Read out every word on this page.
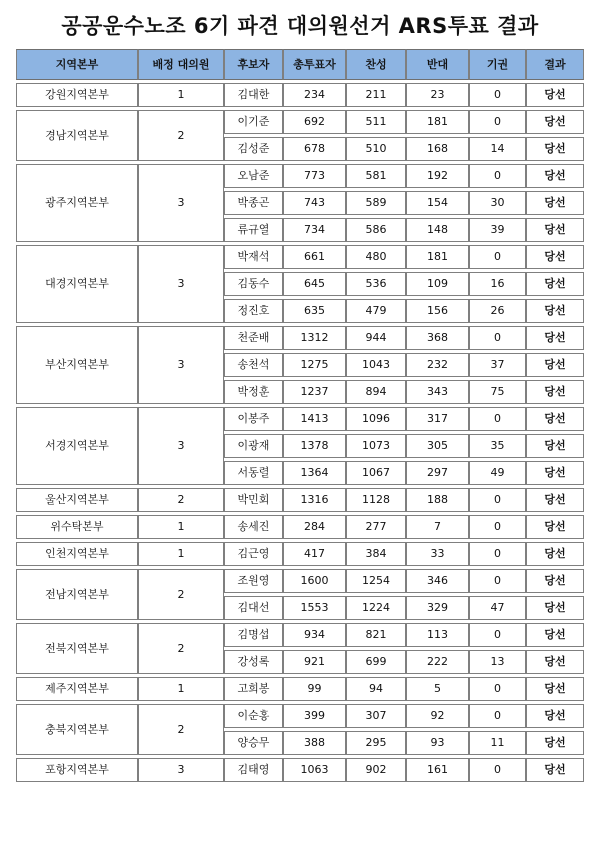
공공운수노조 6기 파견 대의원선거 ARS투표 결과
지역본부	배정 대의원	후보자	총투표자	찬성	반대	기권	결과
강원지역본부	1	김대한	234	211	23	0	당선
경남지역본부	2	이기준	692	511	181	0	당선
		김성준	678	510	168	14	당선
광주지역본부	3	오남준	773	581	192	0	당선
		박종곤	743	589	154	30	당선
		류규열	734	586	148	39	당선
대경지역본부	3	박재석	661	480	181	0	당선
		김동수	645	536	109	16	당선
		정진호	635	479	156	26	당선
부산지역본부	3	천준배	1312	944	368	0	당선
		송천석	1275	1043	232	37	당선
		박정훈	1237	894	343	75	당선
서경지역본부	3	이봉주	1413	1096	317	0	당선
		이광재	1378	1073	305	35	당선
		서동렬	1364	1067	297	49	당선
울산지역본부	2	박민회	1316	1128	188	0	당선
위수탁본부	1	송세진	284	277	7	0	당선
인천지역본부	1	김근영	417	384	33	0	당선
전남지역본부	2	조원영	1600	1254	346	0	당선
		김대선	1553	1224	329	47	당선
전북지역본부	2	김명섭	934	821	113	0	당선
		강성록	921	699	222	13	당선
제주지역본부	1	고희봉	99	94	5	0	당선
충북지역본부	2	이순홍	399	307	92	0	당선
		양승무	388	295	93	11	당선
포항지역본부	3	김태영	1063	902	161	0	당선
